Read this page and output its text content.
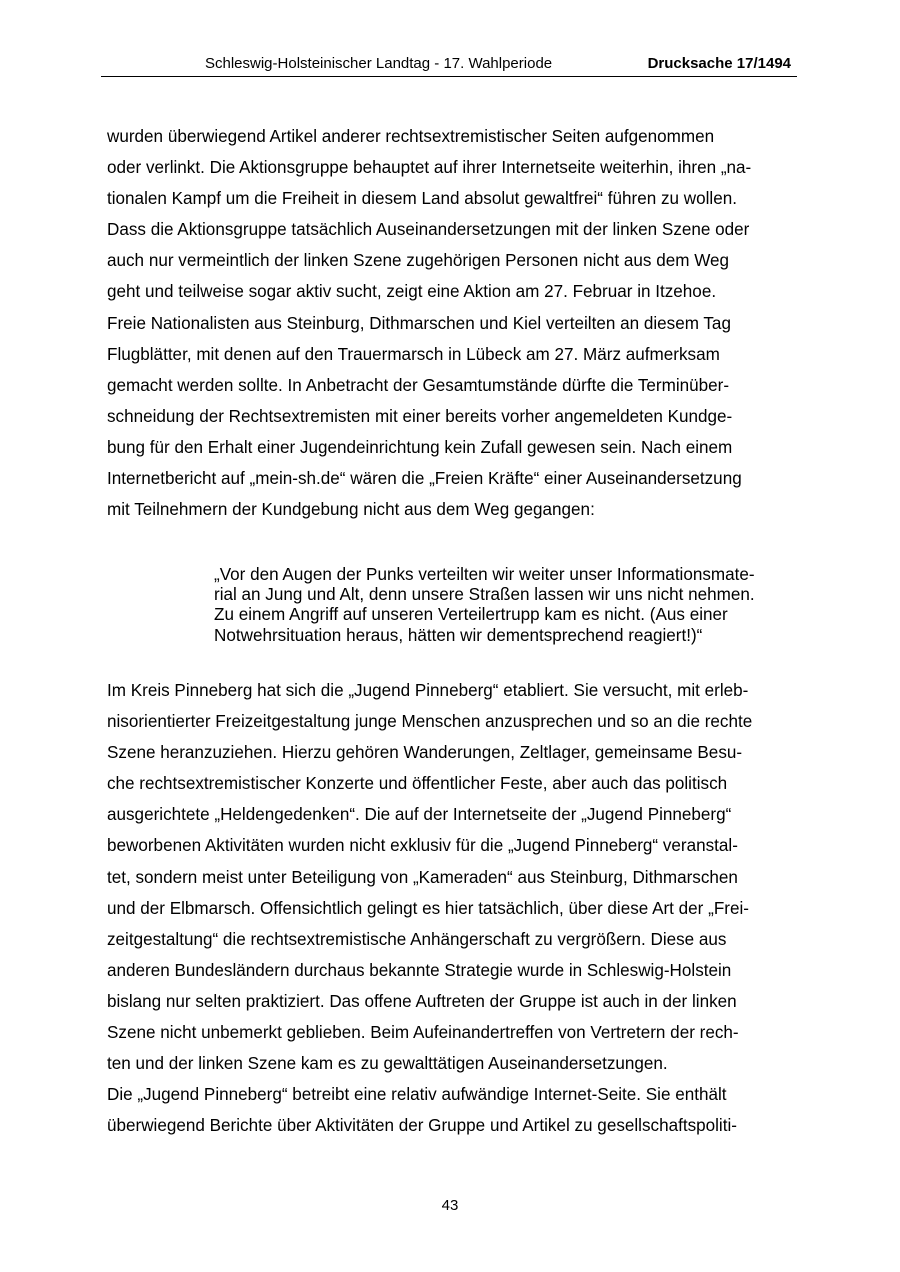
Schleswig-Holsteinischer Landtag - 17. Wahlperiode	Drucksache 17/1494
wurden überwiegend Artikel anderer rechtsextremistischer Seiten aufgenommen
oder verlinkt. Die Aktionsgruppe behauptet auf ihrer Internetseite weiterhin, ihren „na-
tionalen Kampf um die Freiheit in diesem Land absolut gewaltfrei“ führen zu wollen.
Dass die Aktionsgruppe tatsächlich Auseinandersetzungen mit der linken Szene oder
auch nur vermeintlich der linken Szene zugehörigen Personen nicht aus dem Weg
geht und teilweise sogar aktiv sucht, zeigt eine Aktion am 27. Februar in Itzehoe.
Freie Nationalisten aus Steinburg, Dithmarschen und Kiel verteilten an diesem Tag
Flugblätter, mit denen auf den Trauermarsch in Lübeck am 27. März aufmerksam
gemacht werden sollte. In Anbetracht der Gesamtumstände dürfte die Terminüber-
schneidung der Rechtsextremisten mit einer bereits vorher angemeldeten Kundge-
bung für den Erhalt einer Jugendeinrichtung kein Zufall gewesen sein. Nach einem
Internetbericht auf „mein-sh.de“ wären die „Freien Kräfte“ einer Auseinandersetzung
mit Teilnehmern der Kundgebung nicht aus dem Weg gegangen:
„Vor den Augen der Punks verteilten wir weiter unser Informationsmate-
rial an Jung und Alt, denn unsere Straßen lassen wir uns nicht nehmen.
Zu einem Angriff auf unseren Verteilertrupp kam es nicht. (Aus einer
Notwehrsituation heraus, hätten wir dementsprechend reagiert!)“
Im Kreis Pinneberg hat sich die „Jugend Pinneberg“ etabliert. Sie versucht, mit erleb-
nisorientierter Freizeitgestaltung junge Menschen anzusprechen und so an die rechte
Szene heranzuziehen. Hierzu gehören Wanderungen, Zeltlager, gemeinsame Besu-
che rechtsextremistischer Konzerte und öffentlicher Feste, aber auch das politisch
ausgerichtete „Heldengedenken“. Die auf der Internetseite der „Jugend Pinneberg“
beworbenen Aktivitäten wurden nicht exklusiv für die „Jugend Pinneberg“ veranstal-
tet, sondern meist unter Beteiligung von „Kameraden“ aus Steinburg, Dithmarschen
und der Elbmarsch. Offensichtlich gelingt es hier tatsächlich, über diese Art der „Frei-
zeitgestaltung“ die rechtsextremistische Anhängerschaft zu vergrößern. Diese aus
anderen Bundesländern durchaus bekannte Strategie wurde in Schleswig-Holstein
bislang nur selten praktiziert. Das offene Auftreten der Gruppe ist auch in der linken
Szene nicht unbemerkt geblieben. Beim Aufeinandertreffen von Vertretern der rech-
ten und der linken Szene kam es zu gewalttätigen Auseinandersetzungen.
Die „Jugend Pinneberg“ betreibt eine relativ aufwändige Internet-Seite. Sie enthält
überwiegend Berichte über Aktivitäten der Gruppe und Artikel zu gesellschaftspoliti-
43
